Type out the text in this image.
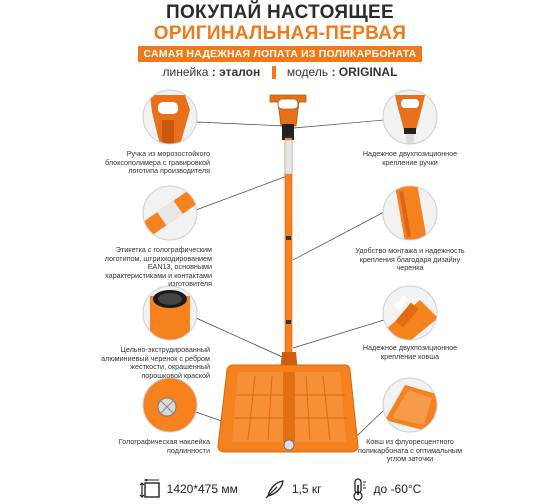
ПОКУПАЙ НАСТОЯЩЕЕ
ОРИГИНАЛЬНАЯ-ПЕРВАЯ
САМАЯ НАДЕЖНАЯ ЛОПАТА ИЗ ПОЛИКАРБОНАТА
линейка : эталон модель : ORIGINAL
Ручка из морозостойкого блоксополимера с гравировкой логотипа производителя
Этикетка с голографическим логотипом, штрихкодированием EAN13, основными характеристиками и контактами изготовителя
Цельно-экструдированный алюминиевый черенок с ребром жесткости, окрашенный порошковой краской
Голографическая наклейка подлинности
Надежное двухпозиционное крепление ручки
Удобство монтажа и надежность крепления благодаря дизайну черенка
Надежное двухпозиционное крепление ковша
Ковш из флуоресцентного поликарбоната с оптимальным углом заточки
1420*475 мм	1,5 кг	до -60°С
